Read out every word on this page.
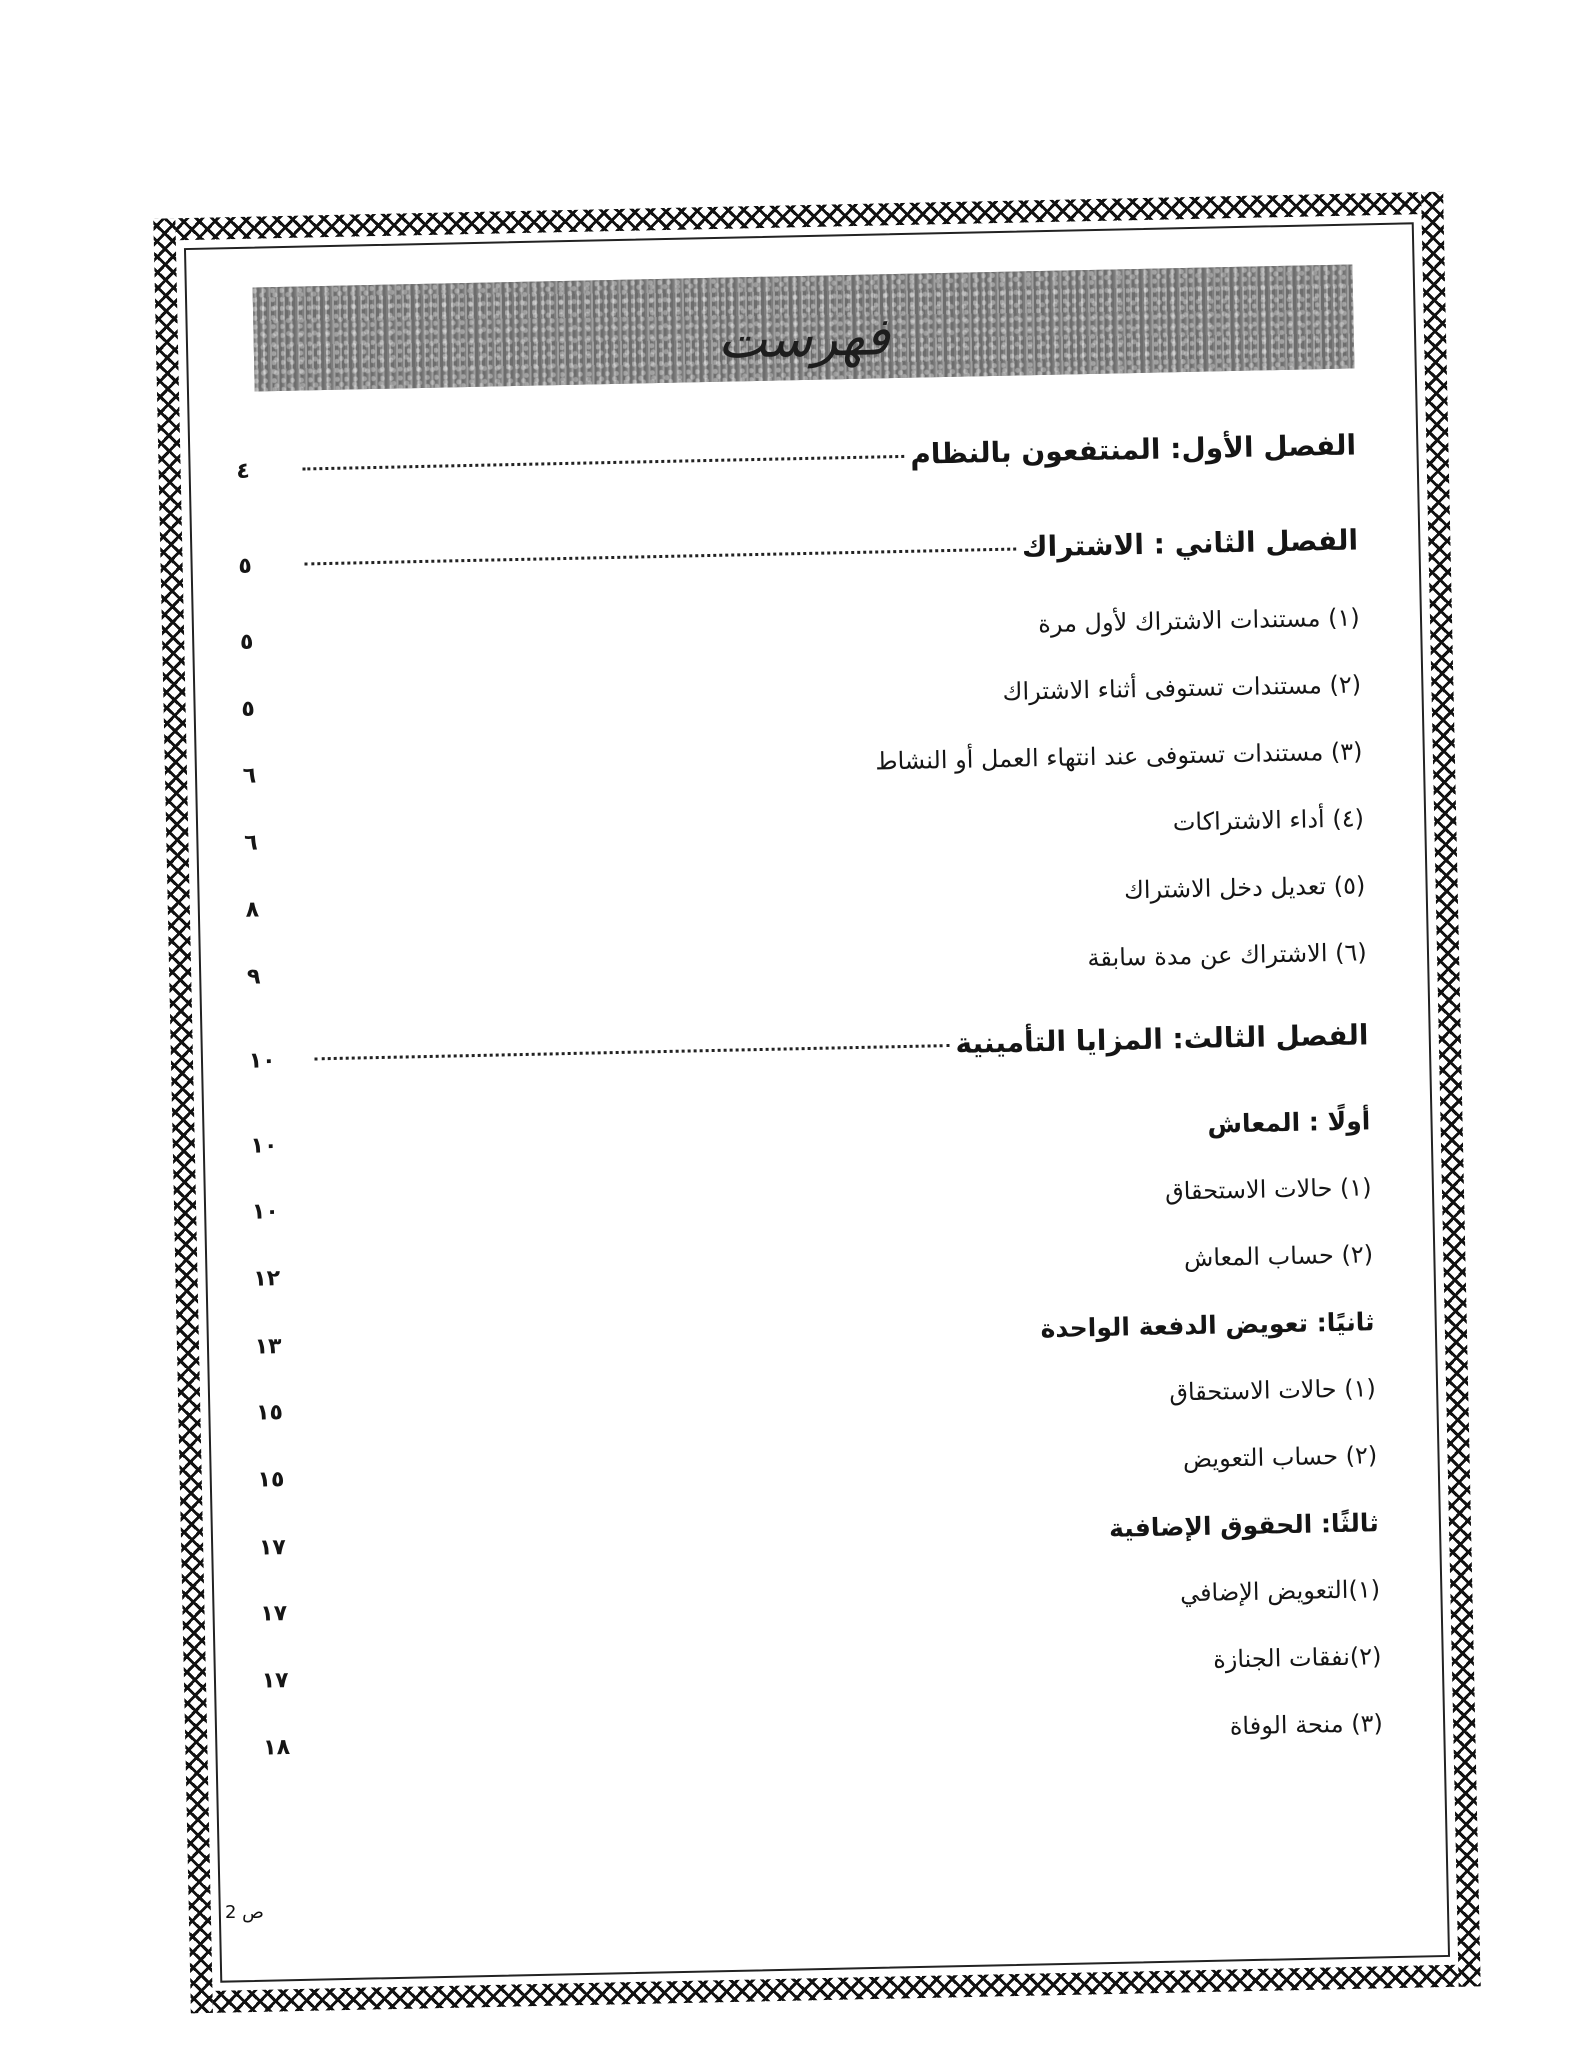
فهرست
الفصل الأول: المنتفعون بالنظام
٤
الفصل الثاني : الاشتراك
٥
(١) مستندات الاشتراك لأول مرة
٥
(٢) مستندات تستوفى أثناء الاشتراك
٥
(٣) مستندات تستوفى عند انتهاء العمل أو النشاط
٦
(٤) أداء الاشتراكات
٦
(٥) تعديل دخل الاشتراك
٨
(٦) الاشتراك عن مدة سابقة
٩
الفصل الثالث: المزايا التأمينية
١٠
أولًا : المعاش
١٠
(١) حالات الاستحقاق
١٠
(٢) حساب المعاش
١٢
ثانيًا: تعويض الدفعة الواحدة
١٣
(١) حالات الاستحقاق
١٥
(٢) حساب التعويض
١٥
ثالثًا: الحقوق الإضافية
١٧
(١)التعويض الإضافي
١٧
(٢)نفقات الجنازة
١٧
(٣) منحة الوفاة
١٨
ص 2
